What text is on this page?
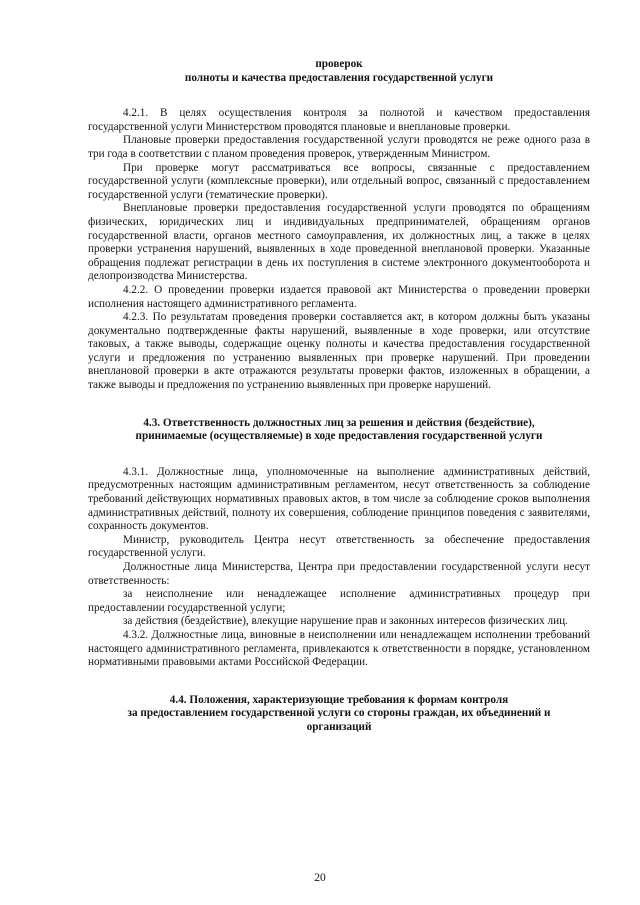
проверок
полноты и качества предоставления государственной услуги

4.2.1. В целях осуществления контроля за полнотой и качеством предоставления государственной услуги Министерством проводятся плановые и внеплановые проверки.

Плановые проверки предоставления государственной услуги проводятся не реже одного раза в три года в соответствии с планом проведения проверок, утвержденным Министром.

При проверке могут рассматриваться все вопросы, связанные с предоставлением государственной услуги (комплексные проверки), или отдельный вопрос, связанный с предоставлением государственной услуги (тематические проверки).

Внеплановые проверки предоставления государственной услуги проводятся по обращениям физических, юридических лиц и индивидуальных предпринимателей, обращениям органов государственной власти, органов местного самоуправления, их должностных лиц, а также в целях проверки устранения нарушений, выявленных в ходе проведенной внеплановой проверки. Указанные обращения подлежат регистрации в день их поступления в системе электронного документооборота и делопроизводства Министерства.

4.2.2. О проведении проверки издается правовой акт Министерства о проведении проверки исполнения настоящего административного регламента.

4.2.3. По результатам проведения проверки составляется акт, в котором должны быть указаны документально подтвержденные факты нарушений, выявленные в ходе проверки, или отсутствие таковых, а также выводы, содержащие оценку полноты и качества предоставления государственной услуги и предложения по устранению выявленных при проверке нарушений. При проведении внеплановой проверки в акте отражаются результаты проверки фактов, изложенных в обращении, а также выводы и предложения по устранению выявленных при проверке нарушений.

4.3. Ответственность должностных лиц за решения и действия (бездействие),
принимаемые (осуществляемые) в ходе предоставления государственной услуги

4.3.1. Должностные лица, уполномоченные на выполнение административных действий, предусмотренных настоящим административным регламентом, несут ответственность за соблюдение требований действующих нормативных правовых актов, в том числе за соблюдение сроков выполнения административных действий, полноту их совершения, соблюдение принципов поведения с заявителями, сохранность документов.

Министр, руководитель Центра несут ответственность за обеспечение предоставления государственной услуги.

Должностные лица Министерства, Центра при предоставлении государственной услуги несут ответственность:

за неисполнение или ненадлежащее исполнение административных процедур при предоставлении государственной услуги;

за действия (бездействие), влекущие нарушение прав и законных интересов физических лиц.

4.3.2. Должностные лица, виновные в неисполнении или ненадлежащем исполнении требований настоящего административного регламента, привлекаются к ответственности в порядке, установленном нормативными правовыми актами Российской Федерации.

4.4. Положения, характеризующие требования к формам контроля
за предоставлением государственной услуги со стороны граждан, их объединений и
организаций
20
